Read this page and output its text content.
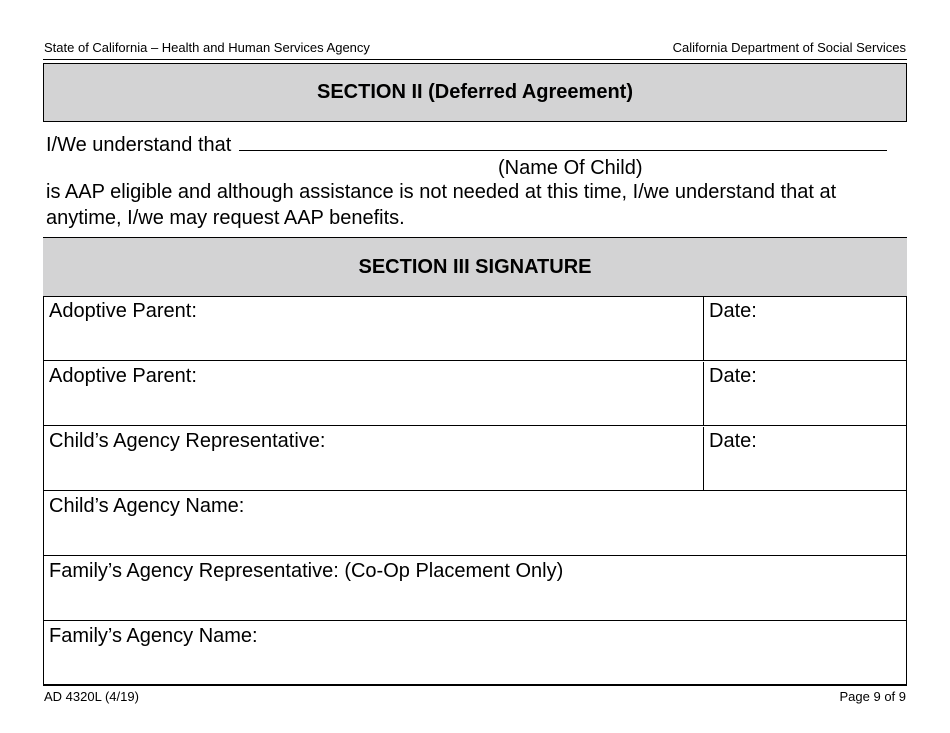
State of California – Health and Human Services Agency	California Department of Social Services
SECTION II (Deferred Agreement)
I/We understand that
(Name Of Child)
is AAP eligible and although assistance is not needed at this time, I/we understand that at anytime, I/we may request AAP benefits.
SECTION III SIGNATURE
Adoptive Parent:	Date:
Adoptive Parent:	Date:
Child’s Agency Representative:	Date:
Child’s Agency Name:
Family’s Agency Representative: (Co-Op Placement Only)
Family’s Agency Name:
AD 4320L (4/19)	Page 9 of 9
